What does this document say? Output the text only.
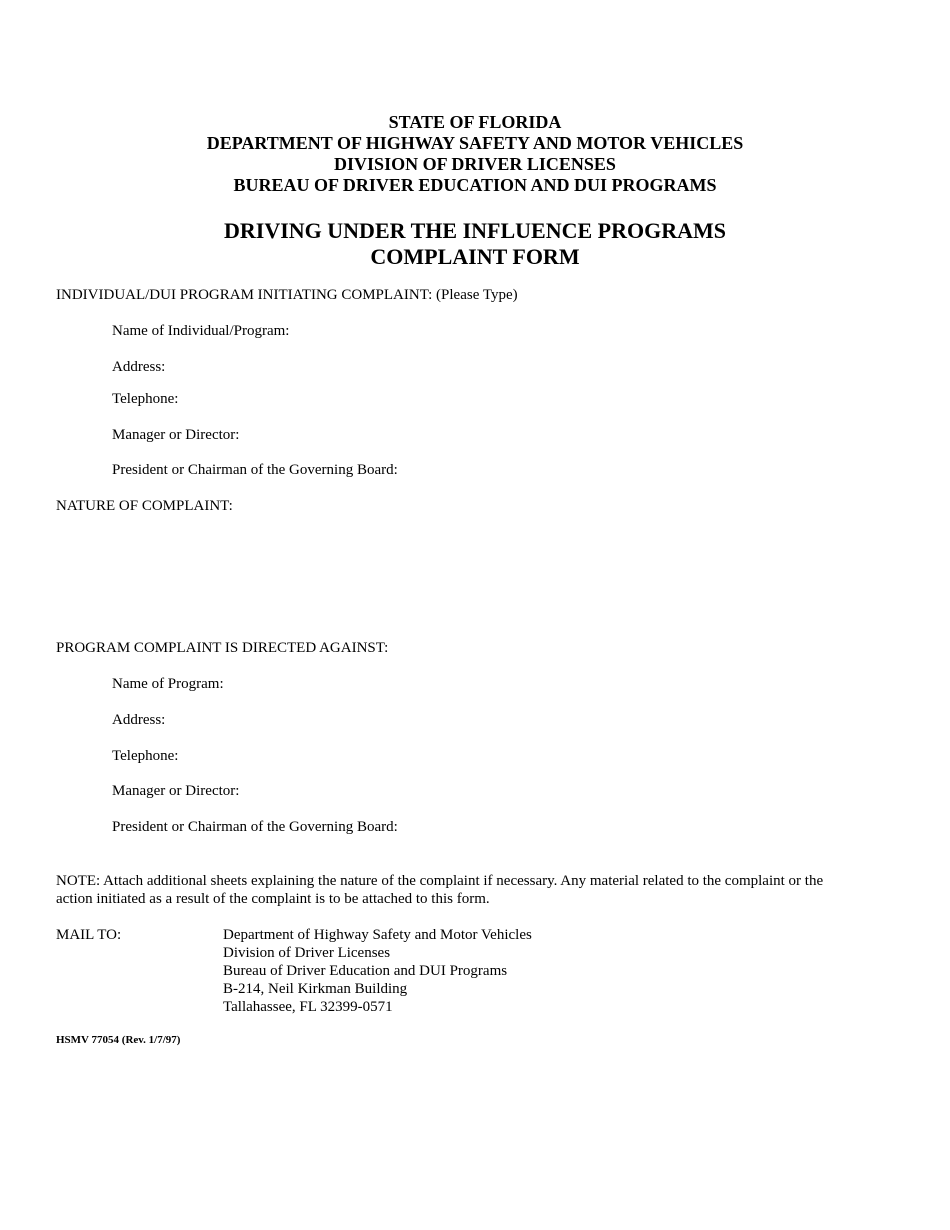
STATE OF FLORIDA
DEPARTMENT OF HIGHWAY SAFETY AND MOTOR VEHICLES
DIVISION OF DRIVER LICENSES
BUREAU OF DRIVER EDUCATION AND DUI PROGRAMS
DRIVING UNDER THE INFLUENCE PROGRAMS
COMPLAINT FORM
INDIVIDUAL/DUI PROGRAM INITIATING COMPLAINT: (Please Type)
Name of Individual/Program:
Address:
Telephone:
Manager or Director:
President or Chairman of the Governing Board:
NATURE OF COMPLAINT:
PROGRAM COMPLAINT IS DIRECTED AGAINST:
Name of Program:
Address:
Telephone:
Manager or Director:
President or Chairman of the Governing Board:
NOTE: Attach additional sheets explaining the nature of the complaint if necessary. Any material related to the complaint or the action initiated as a result of the complaint is to be attached to this form.
MAIL TO:	Department of Highway Safety and Motor Vehicles
Division of Driver Licenses
Bureau of Driver Education and DUI Programs
B-214, Neil Kirkman Building
Tallahassee, FL 32399-0571
HSMV 77054 (Rev. 1/7/97)
